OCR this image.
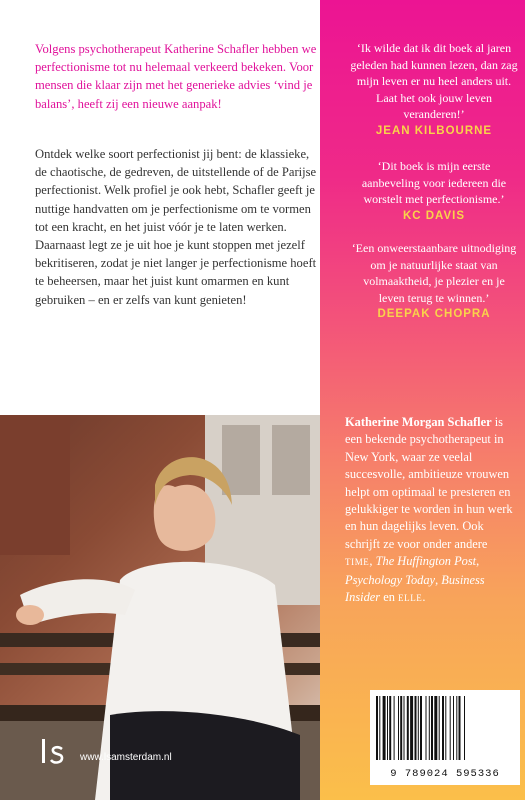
Volgens psychotherapeut Katherine Schafler hebben we perfectionisme tot nu helemaal verkeerd bekeken. Voor mensen die klaar zijn met het generieke advies ‘vind je balans’, heeft zij een nieuwe aanpak!

Ontdek welke soort perfectionist jij bent: de klassieke, de chaotische, de gedreven, de uitstellende of de Parijse perfectionist. Welk profiel je ook hebt, Schafler geeft je nuttige handvatten om je perfectionisme om te vormen tot een kracht, en het juist vóór je te laten werken. Daarnaast legt ze je uit hoe je kunt stoppen met jezelf bekritiseren, zodat je niet langer je perfectionisme hoeft te beheersen, maar het juist kunt omarmen en kunt gebruiken – en er zelfs van kunt genieten!

‘Ik wilde dat ik dit boek al jaren geleden had kunnen lezen, dan zag mijn leven er nu heel anders uit. Laat het ook jouw leven veranderen!’

JEAN KILBOURNE

‘Dit boek is mijn eerste aanbeveling voor iedereen die worstelt met perfectionisme.’

KC DAVIS

‘Een onweerstaanbare uitnodiging om je natuurlijke staat van volmaaktheid, je plezier en je leven terug te winnen.’

DEEPAK CHOPRA

Katherine Morgan Schafler is een bekende psychotherapeut in New York, waar ze veelal succesvolle, ambitieuze vrouwen helpt om optimaal te presteren en gelukkiger te worden in hun werk en hun dagelijks leven. Ook schrijft ze voor onder andere TIME, The Huffington Post, Psychology Today, Business Insider en ELLE.

9 789024 595336

www.lsamsterdam.nl
